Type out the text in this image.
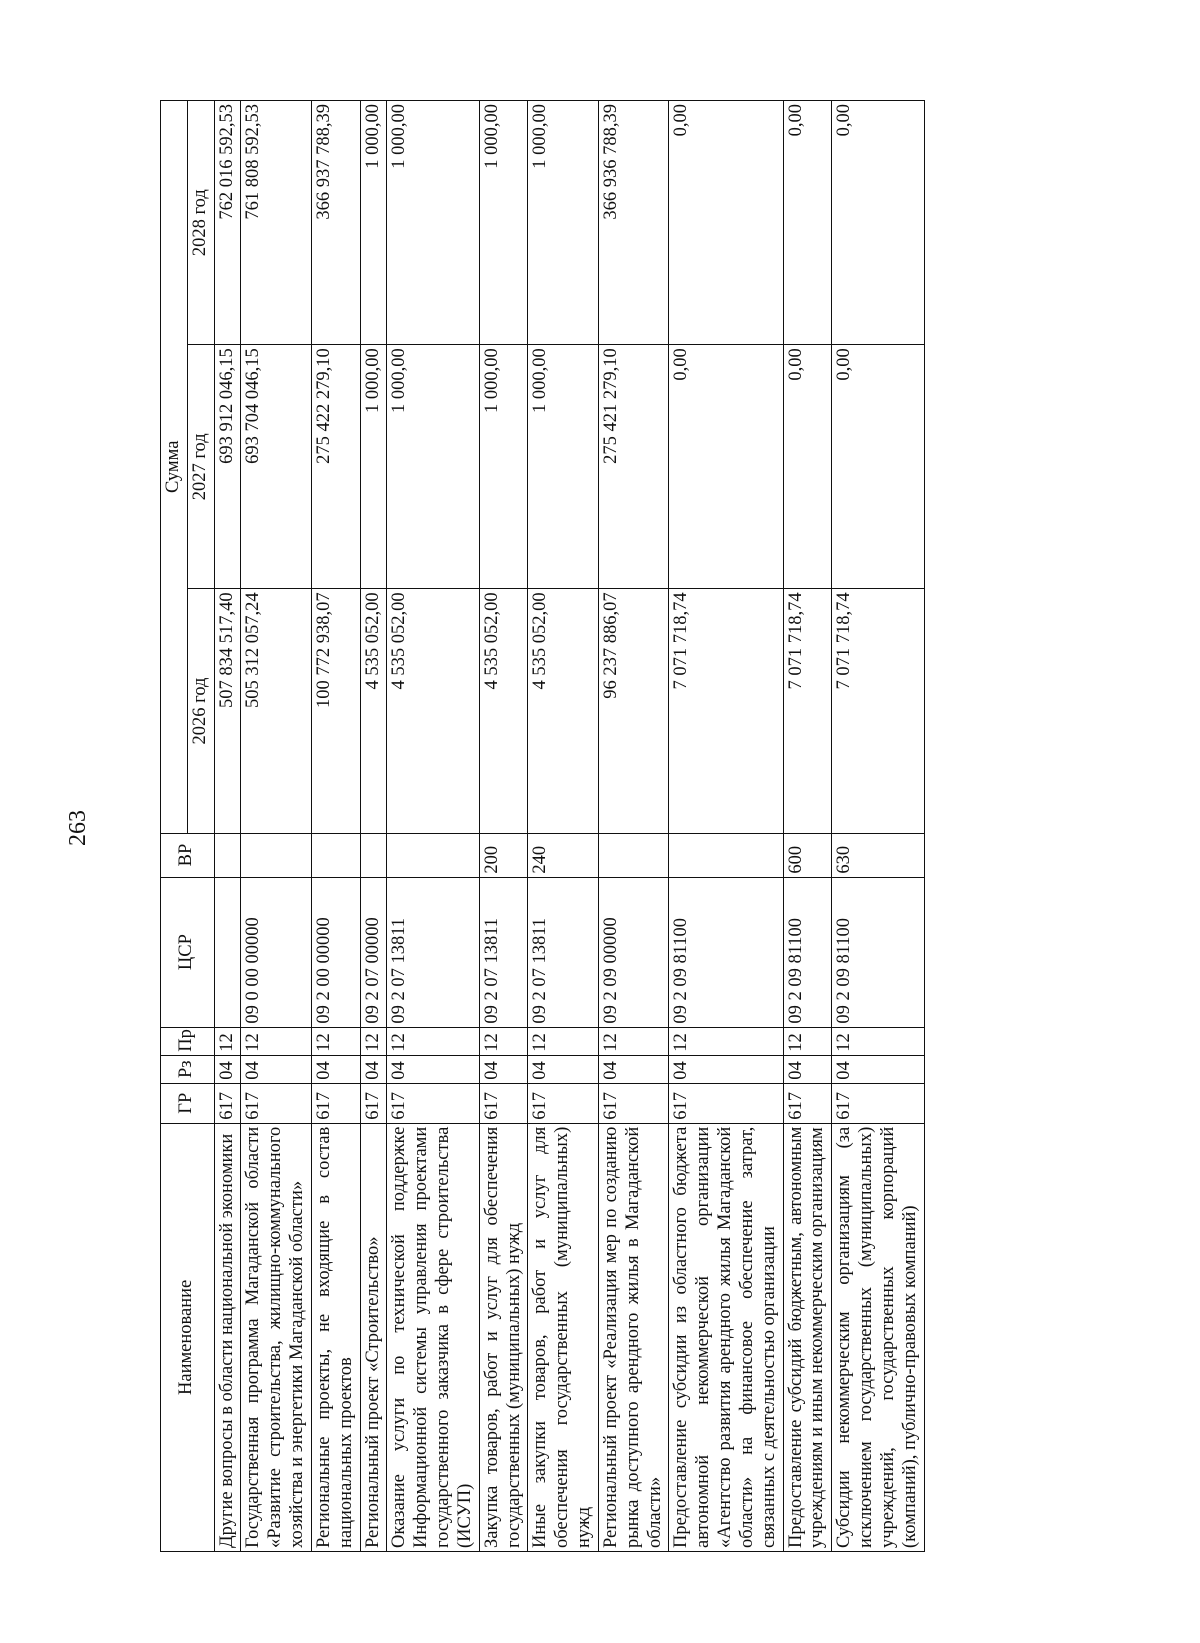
263
Наименование	ГР	Рз	Пр	ЦСР	ВР	Сумма		
						2026 год	2027 год	2028 год
Другие вопросы в области национальной экономики	617	04	12			507 834 517,40	693 912 046,15	762 016 592,53
Государственная программа Магаданской области «Развитие строительства, жилищно-коммунального хозяйства и энергетики Магаданской области»	617	04	12	09 0 00 00000		505 312 057,24	693 704 046,15	761 808 592,53
Региональные проекты, не входящие в состав национальных проектов	617	04	12	09 2 00 00000		100 772 938,07	275 422 279,10	366 937 788,39
Региональный проект «Строительство»	617	04	12	09 2 07 00000		4 535 052,00	1 000,00	1 000,00
Оказание услуги по технической поддержке Информационной системы управления проектами государственного заказчика в сфере строительства (ИСУП)	617	04	12	09 2 07 13811		4 535 052,00	1 000,00	1 000,00
Закупка товаров, работ и услуг для обеспечения государственных (муниципальных) нужд	617	04	12	09 2 07 13811	200	4 535 052,00	1 000,00	1 000,00
Иные закупки товаров, работ и услуг для обеспечения государственных (муниципальных) нужд	617	04	12	09 2 07 13811	240	4 535 052,00	1 000,00	1 000,00
Региональный проект «Реализация мер по созданию рынка доступного арендного жилья в Магаданской области»	617	04	12	09 2 09 00000		96 237 886,07	275 421 279,10	366 936 788,39
Предоставление субсидии из областного бюджета автономной некоммерческой организации «Агентство развития арендного жилья Магаданской области» на финансовое обеспечение затрат, связанных с деятельностью организации	617	04	12	09 2 09 81100		7 071 718,74	0,00	0,00
Предоставление субсидий бюджетным, автономным учреждениям и иным некоммерческим организациям	617	04	12	09 2 09 81100	600	7 071 718,74	0,00	0,00
Субсидии некоммерческим организациям (за исключением государственных (муниципальных) учреждений, государственных корпораций (компаний), публично-правовых компаний)	617	04	12	09 2 09 81100	630	7 071 718,74	0,00	0,00
